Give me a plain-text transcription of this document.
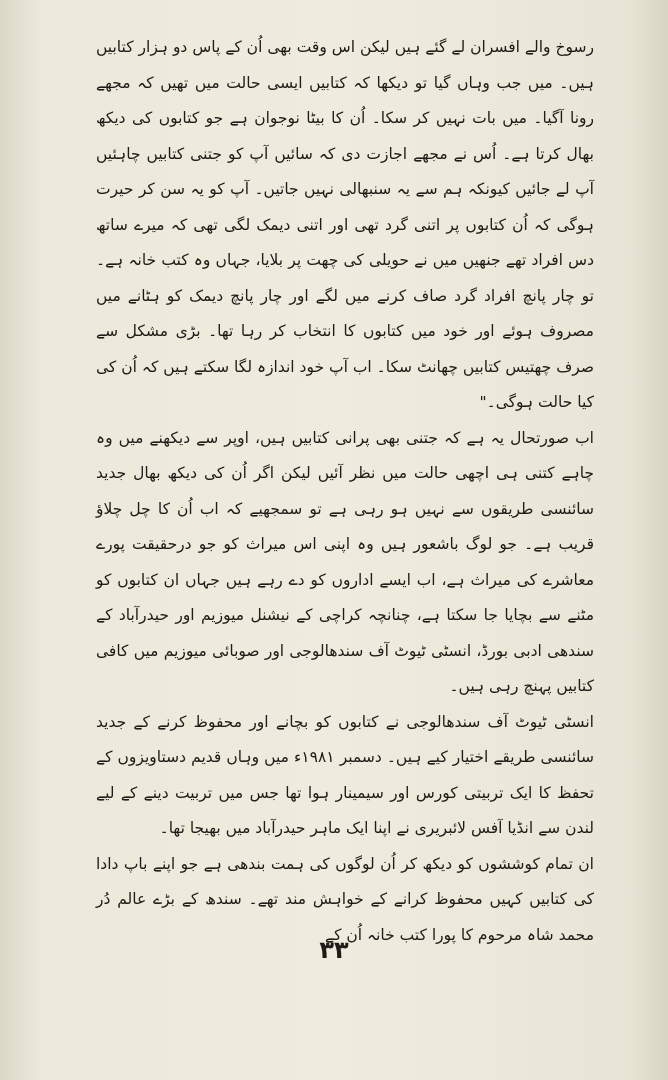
رسوخ والے افسران لے گئے ہیں لیکن اس وقت بھی اُن کے پاس دو ہزار کتابیں ہیں۔ میں جب وہاں گیا تو دیکھا کہ کتابیں ایسی حالت میں تھیں کہ مجھے رونا آگیا۔ میں بات نہیں کر سکا۔ اُن کا بیٹا نوجوان ہے جو کتابوں کی دیکھ بھال کرتا ہے۔ اُس نے مجھے اجازت دی کہ سائیں آپ کو جتنی کتابیں چاہئیں آپ لے جائیں کیونکہ ہم سے یہ سنبھالی نہیں جاتیں۔ آپ کو یہ سن کر حیرت ہوگی کہ اُن کتابوں پر اتنی گرد تھی اور اتنی دیمک لگی تھی کہ میرے ساتھ دس افراد تھے جنھیں میں نے حویلی کی چھت پر بلایا، جہاں وہ کتب خانہ ہے۔ تو چار پانچ افراد گرد صاف کرنے میں لگے اور چار پانچ دیمک کو ہٹانے میں مصروف ہوئے اور خود میں کتابوں کا انتخاب کر رہا تھا۔ بڑی مشکل سے صرف چھتیس کتابیں چھانٹ سکا۔ اب آپ خود اندازہ لگا سکتے ہیں کہ اُن کی کیا حالت ہوگی۔"

اب صورتحال یہ ہے کہ جتنی بھی پرانی کتابیں ہیں، اوپر سے دیکھنے میں وہ چاہے کتنی ہی اچھی حالت میں نظر آئیں لیکن اگر اُن کی دیکھ بھال جدید سائنسی طریقوں سے نہیں ہو رہی ہے تو سمجھیے کہ اب اُن کا چل چلاؤ قریب ہے۔ جو لوگ باشعور ہیں وہ اپنی اس میراث کو جو درحقیقت پورے معاشرے کی میراث ہے، اب ایسے اداروں کو دے رہے ہیں جہاں ان کتابوں کو مٹنے سے بچایا جا سکتا ہے، چنانچہ کراچی کے نیشنل میوزیم اور حیدرآباد کے سندھی ادبی بورڈ، انسٹی ٹیوٹ آف سندھالوجی اور صوبائی میوزیم میں کافی کتابیں پہنچ رہی ہیں۔

انسٹی ٹیوٹ آف سندھالوجی نے کتابوں کو بچانے اور محفوظ کرنے کے جدید سائنسی طریقے اختیار کیے ہیں۔ دسمبر ۱۹۸۱ء میں وہاں قدیم دستاویزوں کے تحفظ کا ایک تربیتی کورس اور سیمینار ہوا تھا جس میں تربیت دینے کے لیے لندن سے انڈیا آفس لائبریری نے اپنا ایک ماہر حیدرآباد میں بھیجا تھا۔

ان تمام کوششوں کو دیکھ کر اُن لوگوں کی ہمت بندھی ہے جو اپنے باپ دادا کی کتابیں کہیں محفوظ کرانے کے خواہش مند تھے۔ سندھ کے بڑے عالم دُر محمد شاہ مرحوم کا پورا کتب خانہ اُن کے

۳۳
